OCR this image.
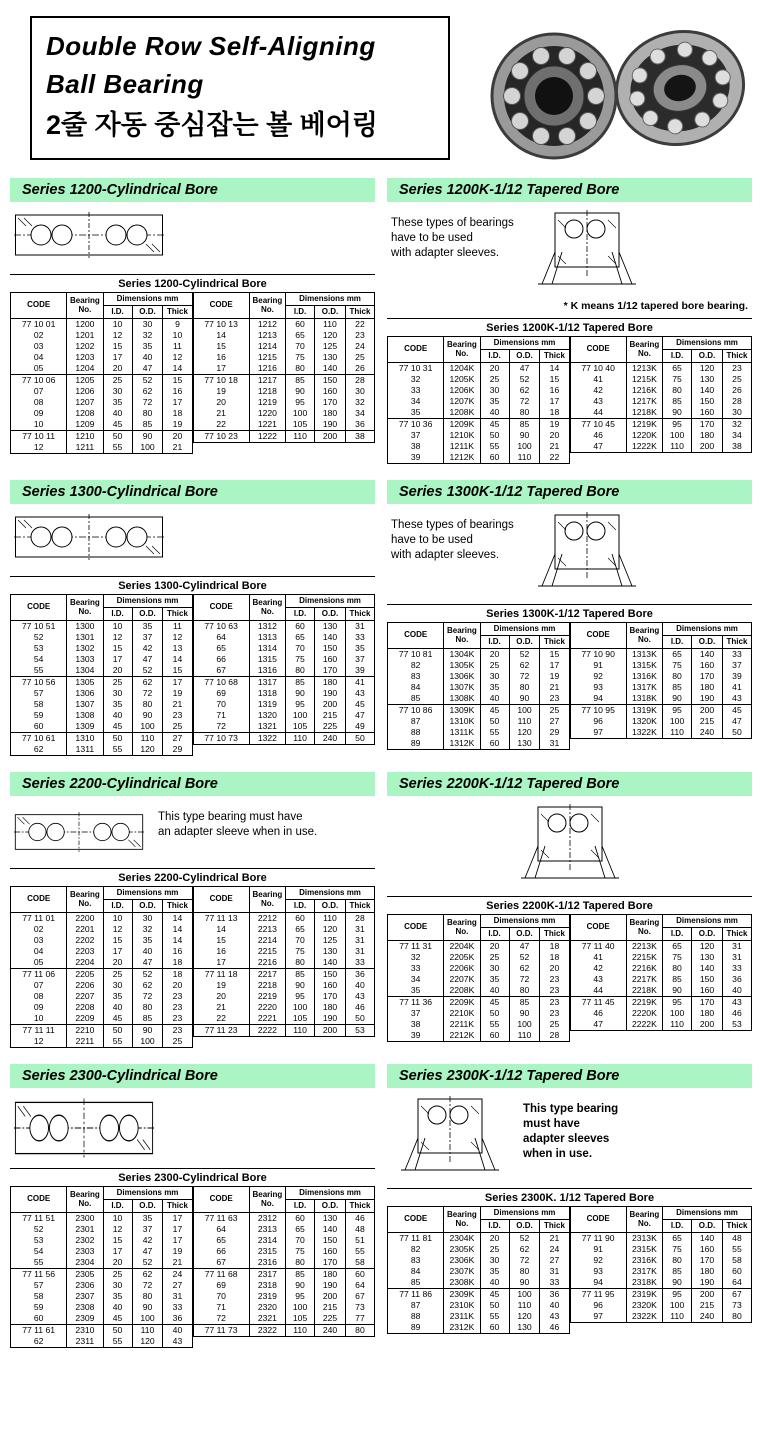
Double Row Self-Aligning
Ball Bearing
2줄 자동 중심잡는 볼 베어링
Series 1200-Cylindrical Bore
Series 1200-Cylindrical Bore
CODE	Bearing No.	Dimensions mm		
		I.D.	O.D.	Thick
77 10 01	1200	10	30	9
02	1201	12	32	10
03	1202	15	35	11
04	1203	17	40	12
05	1204	20	47	14
77 10 06	1205	25	52	15
07	1206	30	62	16
08	1207	35	72	17
09	1208	40	80	18
10	1209	45	85	19
77 10 11	1210	50	90	20
12	1211	55	100	21
CODE	Bearing No.	Dimensions mm		
		I.D.	O.D.	Thick
77 10 13	1212	60	110	22
14	1213	65	120	23
15	1214	70	125	24
16	1215	75	130	25
17	1216	80	140	26
77 10 18	1217	85	150	28
19	1218	90	160	30
20	1219	95	170	32
21	1220	100	180	34
22	1221	105	190	36
77 10 23	1222	110	200	38
Series 1200K-1/12 Tapered Bore
These types of bearings
have to be used
with adapter sleeves.
* K means 1/12 tapered bore bearing.
Series 1200K-1/12 Tapered Bore
CODE	Bearing No.	Dimensions mm		
		I.D.	O.D.	Thick
77 10 31	1204K	20	47	14
32	1205K	25	52	15
33	1206K	30	62	16
34	1207K	35	72	17
35	1208K	40	80	18
77 10 36	1209K	45	85	19
37	1210K	50	90	20
38	1211K	55	100	21
39	1212K	60	110	22
CODE	Bearing No.	Dimensions mm		
		I.D.	O.D.	Thick
77 10 40	1213K	65	120	23
41	1215K	75	130	25
42	1216K	80	140	26
43	1217K	85	150	28
44	1218K	90	160	30
77 10 45	1219K	95	170	32
46	1220K	100	180	34
47	1222K	110	200	38
Series 1300-Cylindrical Bore
Series 1300-Cylindrical Bore
CODE	Bearing No.	Dimensions mm		
		I.D.	O.D.	Thick
77 10 51	1300	10	35	11
52	1301	12	37	12
53	1302	15	42	13
54	1303	17	47	14
55	1304	20	52	15
77 10 56	1305	25	62	17
57	1306	30	72	19
58	1307	35	80	21
59	1308	40	90	23
60	1309	45	100	25
77 10 61	1310	50	110	27
62	1311	55	120	29
CODE	Bearing No.	Dimensions mm		
		I.D.	O.D.	Thick
77 10 63	1312	60	130	31
64	1313	65	140	33
65	1314	70	150	35
66	1315	75	160	37
67	1316	80	170	39
77 10 68	1317	85	180	41
69	1318	90	190	43
70	1319	95	200	45
71	1320	100	215	47
72	1321	105	225	49
77 10 73	1322	110	240	50
Series 1300K-1/12 Tapered Bore
These types of bearings
have to be used
with adapter sleeves.
Series 1300K-1/12 Tapered Bore
CODE	Bearing No.	Dimensions mm		
		I.D.	O.D.	Thick
77 10 81	1304K	20	52	15
82	1305K	25	62	17
83	1306K	30	72	19
84	1307K	35	80	21
85	1308K	40	90	23
77 10 86	1309K	45	100	25
87	1310K	50	110	27
88	1311K	55	120	29
89	1312K	60	130	31
CODE	Bearing No.	Dimensions mm		
		I.D.	O.D.	Thick
77 10 90	1313K	65	140	33
91	1315K	75	160	37
92	1316K	80	170	39
93	1317K	85	180	41
94	1318K	90	190	43
77 10 95	1319K	95	200	45
96	1320K	100	215	47
97	1322K	110	240	50
Series 2200-Cylindrical Bore
This type bearing must have
an adapter sleeve when in use.
Series 2200-Cylindrical Bore
CODE	Bearing No.	Dimensions mm		
		I.D.	O.D.	Thick
77 11 01	2200	10	30	14
02	2201	12	32	14
03	2202	15	35	14
04	2203	17	40	16
05	2204	20	47	18
77 11 06	2205	25	52	18
07	2206	30	62	20
08	2207	35	72	23
09	2208	40	80	23
10	2209	45	85	23
77 11 11	2210	50	90	23
12	2211	55	100	25
CODE	Bearing No.	Dimensions mm		
		I.D.	O.D.	Thick
77 11 13	2212	60	110	28
14	2213	65	120	31
15	2214	70	125	31
16	2215	75	130	31
17	2216	80	140	33
77 11 18	2217	85	150	36
19	2218	90	160	40
20	2219	95	170	43
21	2220	100	180	46
22	2221	105	190	50
77 11 23	2222	110	200	53
Series 2200K-1/12 Tapered Bore
Series 2200K-1/12 Tapered Bore
CODE	Bearing No.	Dimensions mm		
		I.D.	O.D.	Thick
77 11 31	2204K	20	47	18
32	2205K	25	52	18
33	2206K	30	62	20
34	2207K	35	72	23
35	2208K	40	80	23
77 11 36	2209K	45	85	23
37	2210K	50	90	23
38	2211K	55	100	25
39	2212K	60	110	28
CODE	Bearing No.	Dimensions mm		
		I.D.	O.D.	Thick
77 11 40	2213K	65	120	31
41	2215K	75	130	31
42	2216K	80	140	33
43	2217K	85	150	36
44	2218K	90	160	40
77 11 45	2219K	95	170	43
46	2220K	100	180	46
47	2222K	110	200	53
Series 2300-Cylindrical Bore
Series 2300-Cylindrical Bore
CODE	Bearing No.	Dimensions mm		
		I.D.	O.D.	Thick
77 11 51	2300	10	35	17
52	2301	12	37	17
53	2302	15	42	17
54	2303	17	47	19
55	2304	20	52	21
77 11 56	2305	25	62	24
57	2306	30	72	27
58	2307	35	80	31
59	2308	40	90	33
60	2309	45	100	36
77 11 61	2310	50	110	40
62	2311	55	120	43
CODE	Bearing No.	Dimensions mm		
		I.D.	O.D.	Thick
77 11 63	2312	60	130	46
64	2313	65	140	48
65	2314	70	150	51
66	2315	75	160	55
67	2316	80	170	58
77 11 68	2317	85	180	60
69	2318	90	190	64
70	2319	95	200	67
71	2320	100	215	73
72	2321	105	225	77
77 11 73	2322	110	240	80
Series 2300K-1/12 Tapered Bore
This type bearing
must have
adapter sleeves
when in use.
Series 2300K. 1/12 Tapered Bore
CODE	Bearing No.	Dimensions mm		
		I.D.	O.D.	Thick
77 11 81	2304K	20	52	21
82	2305K	25	62	24
83	2306K	30	72	27
84	2307K	35	80	31
85	2308K	40	90	33
77 11 86	2309K	45	100	36
87	2310K	50	110	40
88	2311K	55	120	43
89	2312K	60	130	46
CODE	Bearing No.	Dimensions mm		
		I.D.	O.D.	Thick
77 11 90	2313K	65	140	48
91	2315K	75	160	55
92	2316K	80	170	58
93	2317K	85	180	60
94	2318K	90	190	64
77 11 95	2319K	95	200	67
96	2320K	100	215	73
97	2322K	110	240	80
